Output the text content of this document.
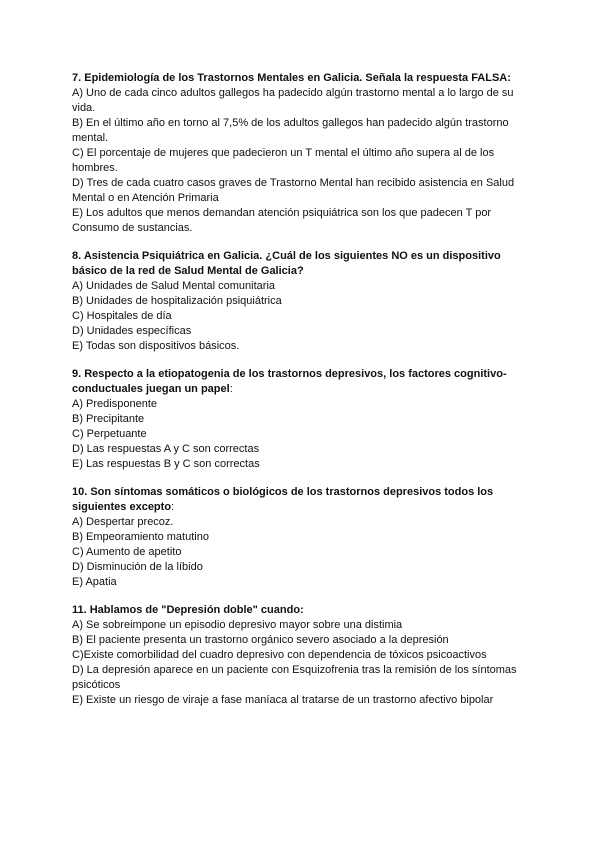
7. Epidemiología de los Trastornos Mentales en Galicia. Señala la respuesta FALSA:

A) Uno de cada cinco adultos gallegos ha padecido algún trastorno mental a lo largo de su vida.

B) En el último año en torno al 7,5% de los adultos gallegos han padecido algún trastorno mental.

C) El porcentaje de mujeres que padecieron un T mental el último año supera al de los hombres.

D) Tres de cada cuatro casos graves de Trastorno Mental han recibido asistencia en Salud Mental o en Atención Primaria

E) Los adultos que menos demandan atención psiquiátrica son los que padecen T por Consumo de sustancias.

8. Asistencia Psiquiátrica en Galicia. ¿Cuál de los siguientes NO es un dispositivo básico de la red de Salud Mental de Galicia?

A) Unidades de Salud Mental comunitaria

B) Unidades de hospitalización psiquiátrica

C) Hospitales de día

D) Unidades específicas

E) Todas son dispositivos básicos.

9. Respecto a la etiopatogenia de los trastornos depresivos, los factores cognitivo-conductuales juegan un papel:

A) Predisponente

B) Precipitante

C) Perpetuante

D) Las respuestas A y C son correctas

E) Las respuestas B y C son correctas

10. Son síntomas somáticos o biológicos de los trastornos depresivos todos los siguientes excepto:

A) Despertar precoz.

B) Empeoramiento matutino

C) Aumento de apetito

D) Disminución de la líbido

E) Apatia

11. Hablamos de "Depresión doble" cuando:

A) Se sobreimpone un episodio depresivo mayor sobre una distimia

B) El paciente presenta un trastorno orgánico severo asociado a la depresión

C)Existe comorbilidad del cuadro depresivo con dependencia de tóxicos psicoactivos

D) La depresión aparece en un paciente con Esquizofrenia tras la remisión de los síntomas psicóticos

E) Existe un riesgo de viraje a fase maníaca al tratarse de un trastorno afectivo bipolar
